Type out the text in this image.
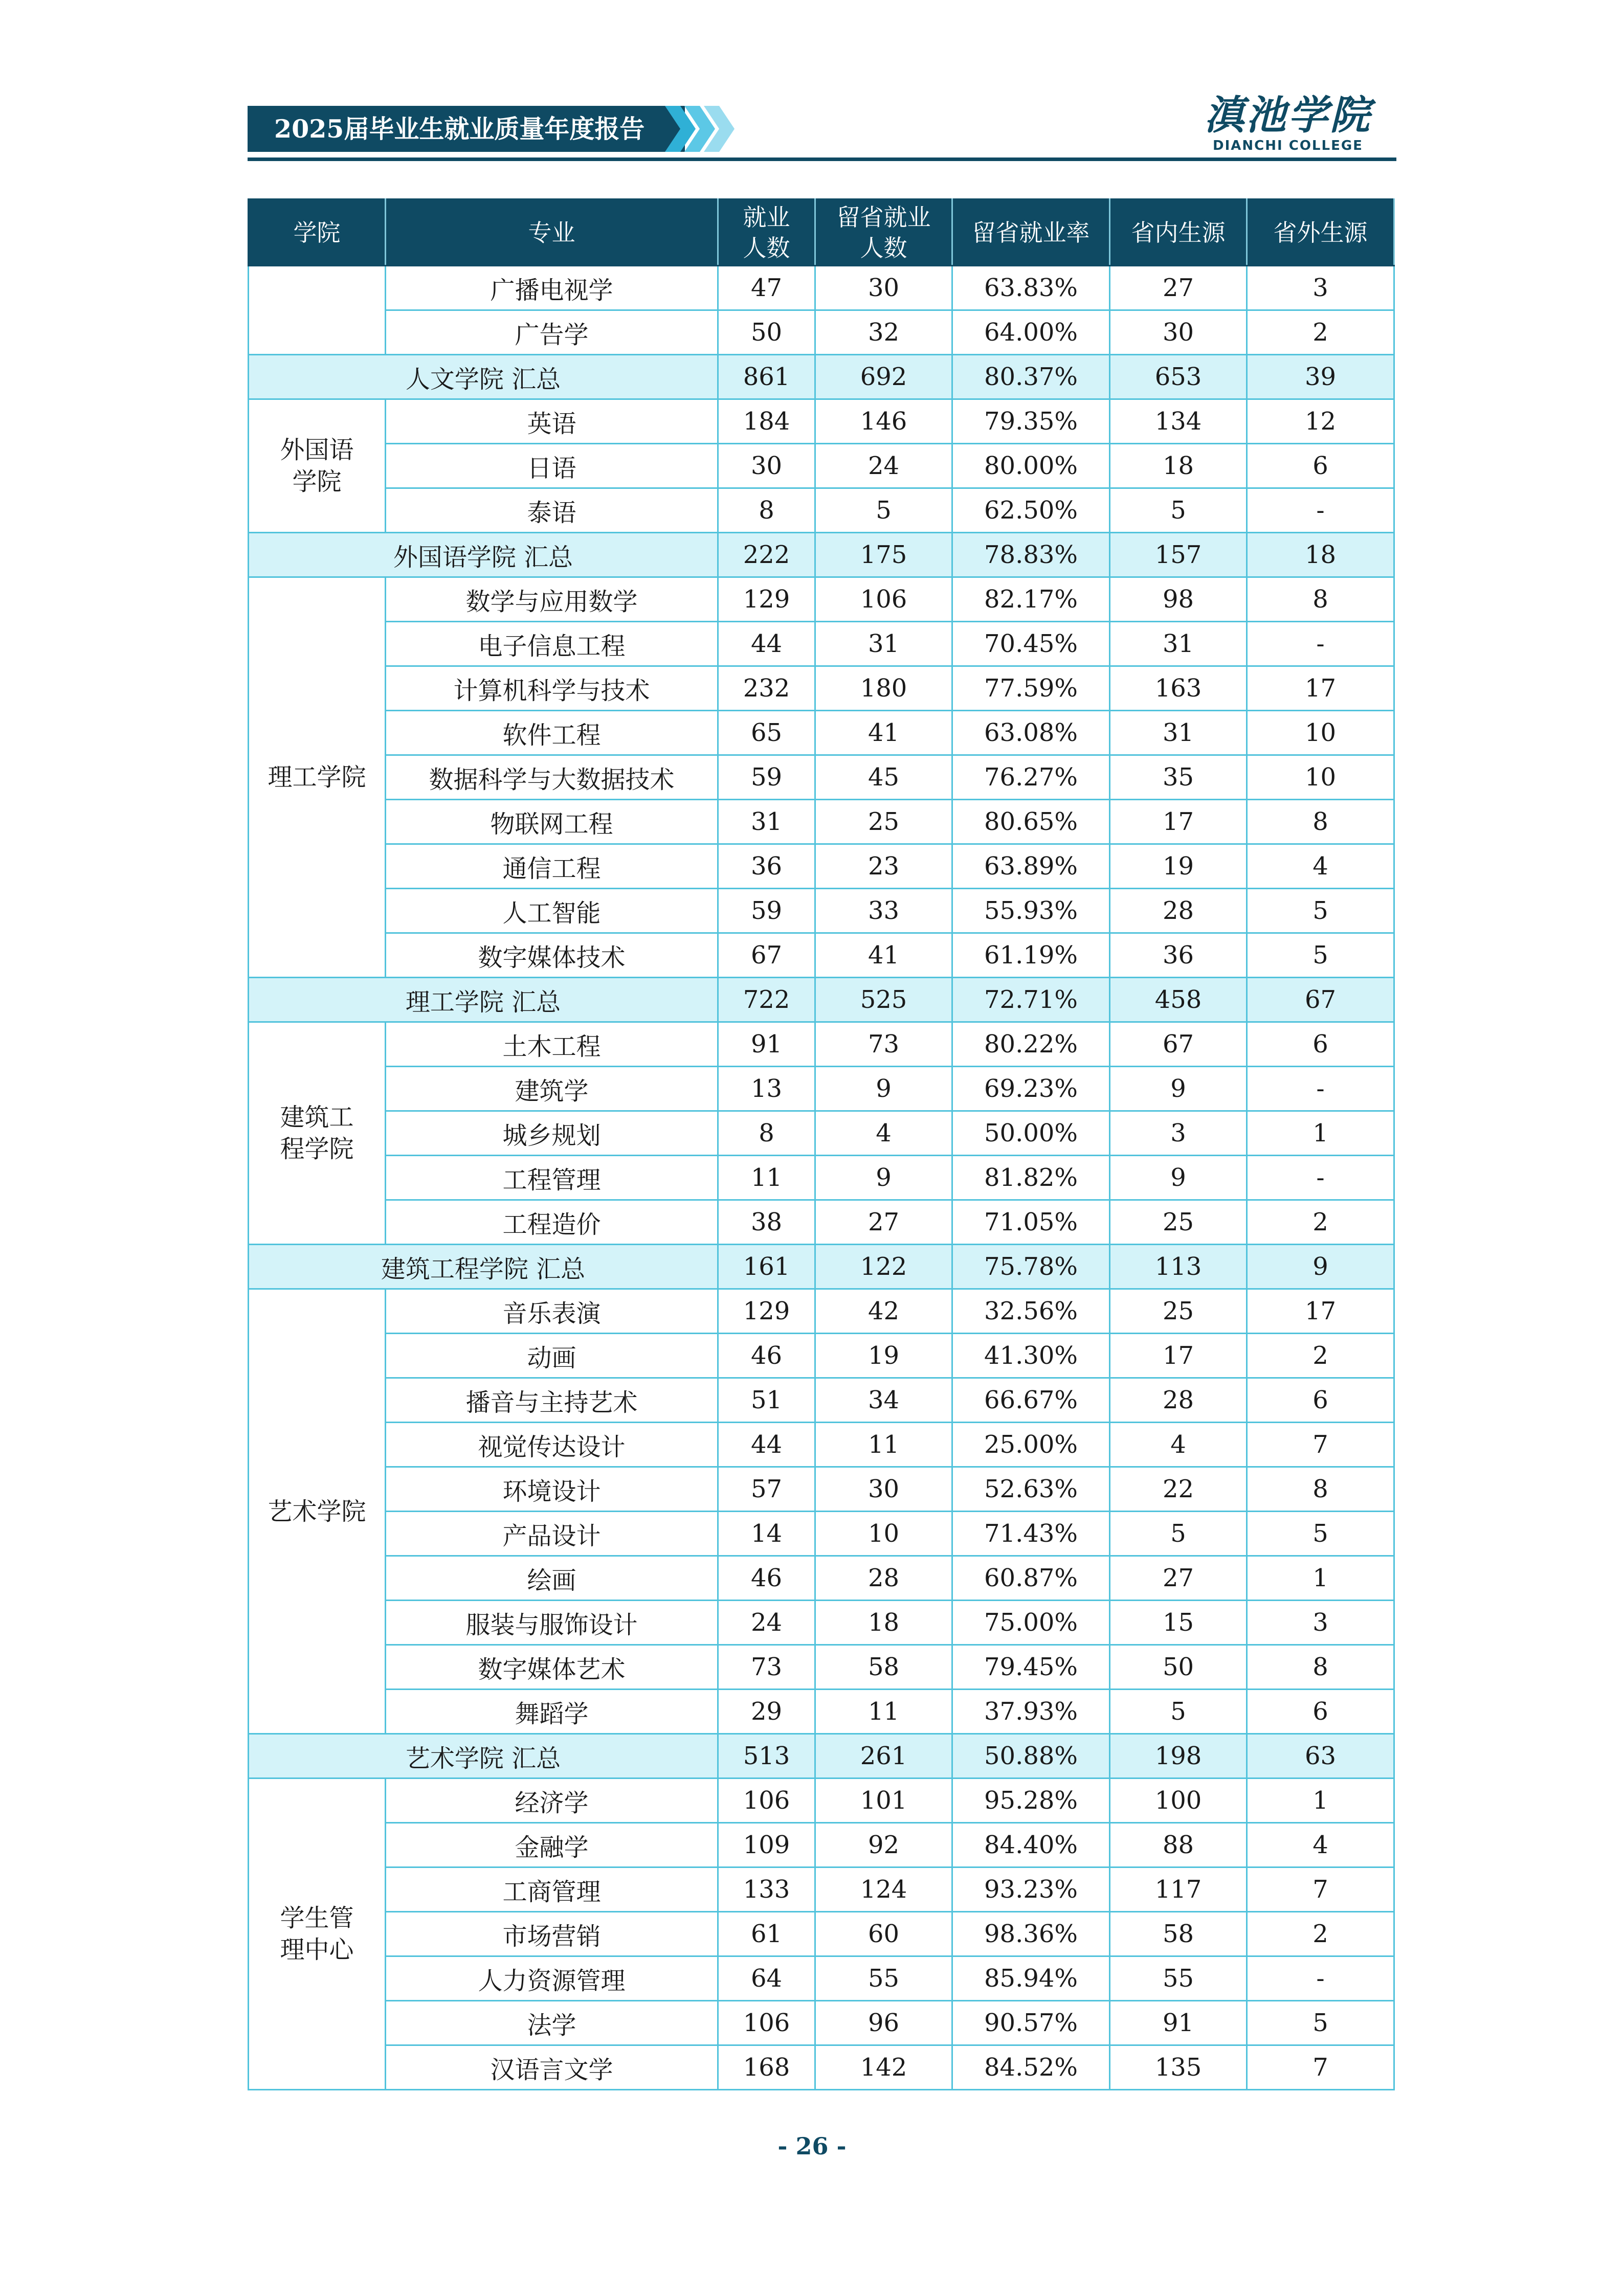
2025届毕业生就业质量年度报告	滇池学院
DIANCHI COLLEGE
学院	专业	就业人数	留省就业人数	留省就业率	省内生源	省外生源
	广播电视学	47	30	63.83%	27	3
	广告学	50	32	64.00%	30	2
人文学院 汇总		861	692	80.37%	653	39
外国语学院	英语	184	146	79.35%	134	12
	日语	30	24	80.00%	18	6
	泰语	8	5	62.50%	5	-
外国语学院 汇总		222	175	78.83%	157	18
理工学院	数学与应用数学	129	106	82.17%	98	8
	电子信息工程	44	31	70.45%	31	-
	计算机科学与技术	232	180	77.59%	163	17
	软件工程	65	41	63.08%	31	10
	数据科学与大数据技术	59	45	76.27%	35	10
	物联网工程	31	25	80.65%	17	8
	通信工程	36	23	63.89%	19	4
	人工智能	59	33	55.93%	28	5
	数字媒体技术	67	41	61.19%	36	5
理工学院 汇总		722	525	72.71%	458	67
建筑工程学院	土木工程	91	73	80.22%	67	6
	建筑学	13	9	69.23%	9	-
	城乡规划	8	4	50.00%	3	1
	工程管理	11	9	81.82%	9	-
	工程造价	38	27	71.05%	25	2
建筑工程学院 汇总		161	122	75.78%	113	9
艺术学院	音乐表演	129	42	32.56%	25	17
	动画	46	19	41.30%	17	2
	播音与主持艺术	51	34	66.67%	28	6
	视觉传达设计	44	11	25.00%	4	7
	环境设计	57	30	52.63%	22	8
	产品设计	14	10	71.43%	5	5
	绘画	46	28	60.87%	27	1
	服装与服饰设计	24	18	75.00%	15	3
	数字媒体艺术	73	58	79.45%	50	8
	舞蹈学	29	11	37.93%	5	6
艺术学院 汇总		513	261	50.88%	198	63
学生管理中心	经济学	106	101	95.28%	100	1
	金融学	109	92	84.40%	88	4
	工商管理	133	124	93.23%	117	7
	市场营销	61	60	98.36%	58	2
	人力资源管理	64	55	85.94%	55	-
	法学	106	96	90.57%	91	5
	汉语言文学	168	142	84.52%	135	7
- 26 -
